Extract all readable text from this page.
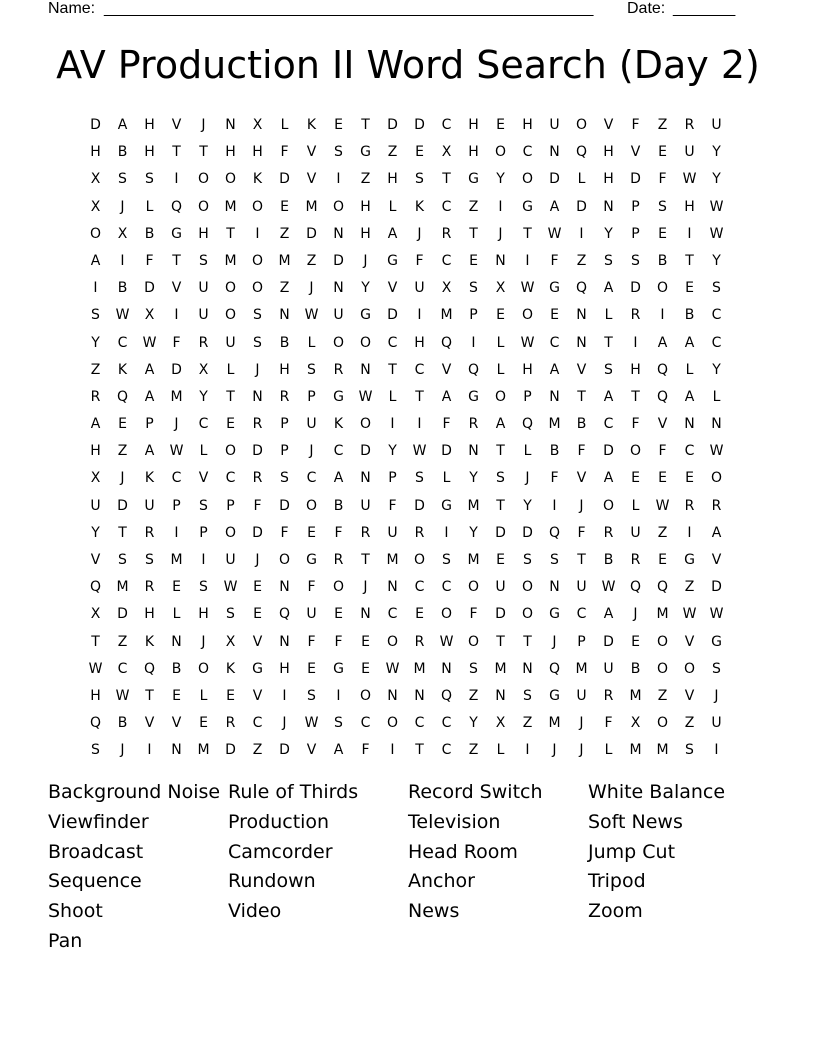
Name: _______________________________________________________ Date: _______
AV Production II Word Search (Day 2)
D	A	H	V	J	N	X	L	K	E	T	D	D	C	H	E	H	U	O	V	F	Z	R	U
H	B	H	T	T	H	H	F	V	S	G	Z	E	X	H	O	C	N	Q	H	V	E	U	Y
X	S	S	I	O	O	K	D	V	I	Z	H	S	T	G	Y	O	D	L	H	D	F	W	Y
X	J	L	Q	O	M	O	E	M	O	H	L	K	C	Z	I	G	A	D	N	P	S	H	W
O	X	B	G	H	T	I	Z	D	N	H	A	J	R	T	J	T	W	I	Y	P	E	I	W
A	I	F	T	S	M	O	M	Z	D	J	G	F	C	E	N	I	F	Z	S	S	B	T	Y
I	B	D	V	U	O	O	Z	J	N	Y	V	U	X	S	X	W	G	Q	A	D	O	E	S
S	W	X	I	U	O	S	N	W	U	G	D	I	M	P	E	O	E	N	L	R	I	B	C
Y	C	W	F	R	U	S	B	L	O	O	C	H	Q	I	L	W	C	N	T	I	A	A	C
Z	K	A	D	X	L	J	H	S	R	N	T	C	V	Q	L	H	A	V	S	H	Q	L	Y
R	Q	A	M	Y	T	N	R	P	G	W	L	T	A	G	O	P	N	T	A	T	Q	A	L
A	E	P	J	C	E	R	P	U	K	O	I	I	F	R	A	Q	M	B	C	F	V	N	N
H	Z	A	W	L	O	D	P	J	C	D	Y	W	D	N	T	L	B	F	D	O	F	C	W
X	J	K	C	V	C	R	S	C	A	N	P	S	L	Y	S	J	F	V	A	E	E	E	O
U	D	U	P	S	P	F	D	O	B	U	F	D	G	M	T	Y	I	J	O	L	W	R	R
Y	T	R	I	P	O	D	F	E	F	R	U	R	I	Y	D	D	Q	F	R	U	Z	I	A
V	S	S	M	I	U	J	O	G	R	T	M	O	S	M	E	S	S	T	B	R	E	G	V
Q	M	R	E	S	W	E	N	F	O	J	N	C	C	O	U	O	N	U	W	Q	Q	Z	D
X	D	H	L	H	S	E	Q	U	E	N	C	E	O	F	D	O	G	C	A	J	M	W W
T	Z	K	N	J	X	V	N	F	F	E	O	R	W	O	T	T	J	P	D	E	O	V	G
W	C	Q	B	O	K	G	H	E	G	E	W	M	N	S	M	N	Q	M	U	B	O	O	S
H	W	T	E	L	E	V	I	S	I	O	N	N	Q	Z	N	S	G	U	R	M	Z	V	J
Q	B	V	V	E	R	C	J	W	S	C	O	C	C	Y	X	Z	M	J	F	X	O	Z	U
S	J	I	N	M	D	Z	D	V	A	F	I	T	C	Z	L	I	J	J	L	M	M	S	I
Background Noise
Viewfinder
Broadcast
Sequence
Shoot
Pan
Rule of Thirds
Production
Camcorder
Rundown
Video
Record Switch
Television
Head Room
Anchor
News
White Balance
Soft News
Jump Cut
Tripod
Zoom
